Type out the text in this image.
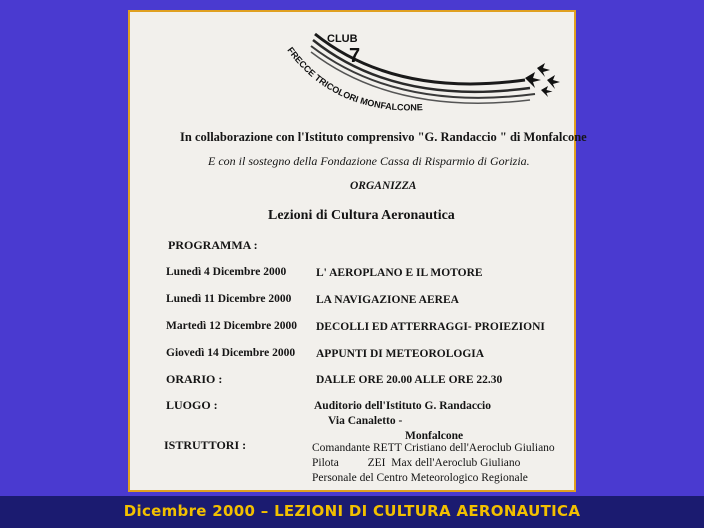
CLUB
7
FRECCE TRICOLORI MONFALCONE
In collaborazione con l'Istituto comprensivo "G. Randaccio " di Monfalcone
E con il sostegno della Fondazione Cassa di Risparmio di Gorizia.
ORGANIZZA
Lezioni di Cultura Aeronautica
PROGRAMMA :
Lunedì 4 Dicembre 2000	L' AEROPLANO E IL MOTORE
Lunedì 11 Dicembre 2000 LA NAVIGAZIONE AEREA
Martedì 12 Dicembre 2000 DECOLLI ED ATTERRAGGI- PROIEZIONI
Giovedì 14 Dicembre 2000 APPUNTI DI METEOROLOGIA
ORARIO :	DALLE ORE 20.00 ALLE ORE 22.30
LUOGO :	Auditorio dell'Istituto G. Randaccio
Via Canaletto -
Monfalcone
ISTRUTTORI :	Comandante RETT Cristiano dell'Aeroclub Giuliano
Pilota          ZEI  Max dell'Aeroclub Giuliano
Personale del Centro Meteorologico Regionale
Dicembre 2000 – LEZIONI DI CULTURA AERONAUTICA
